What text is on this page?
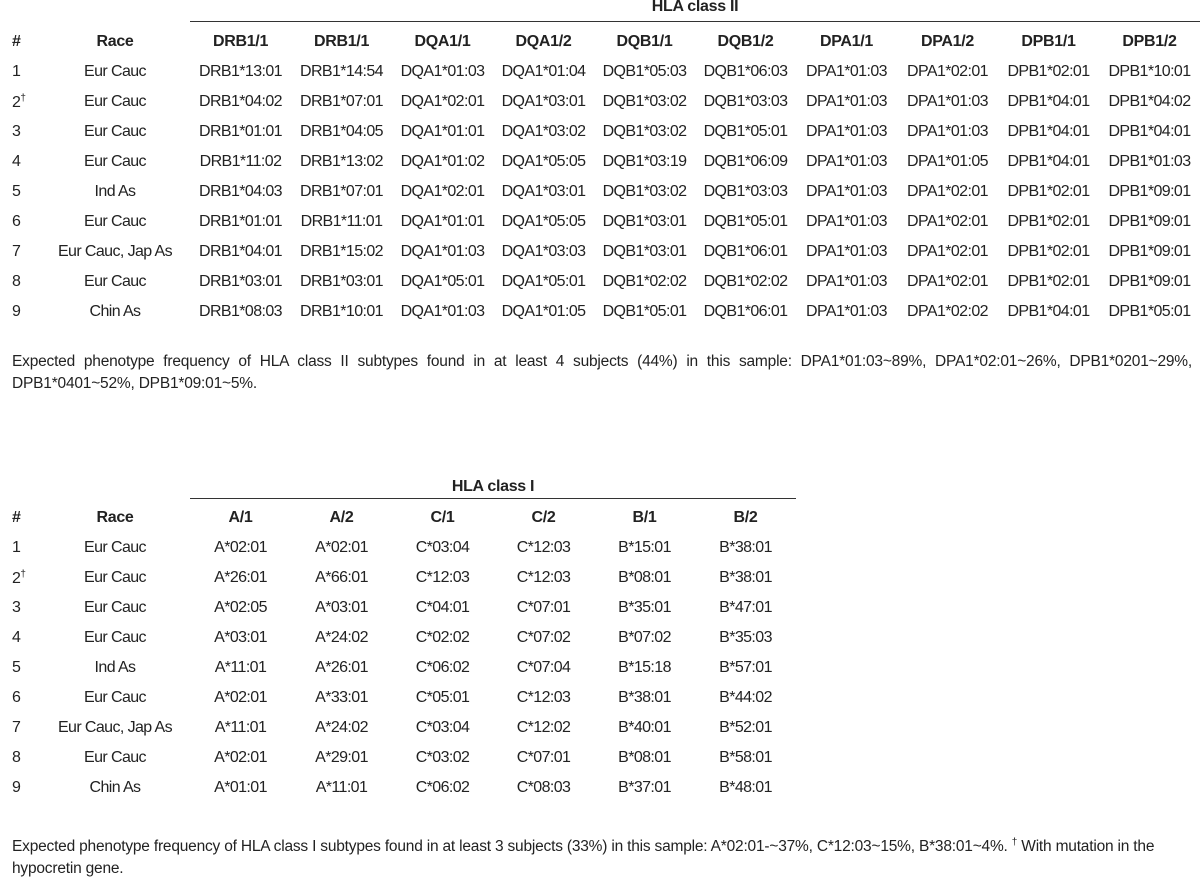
HLA class II
#	Race	DRB1/1	DRB1/1	DQA1/1	DQA1/2	DQB1/1	DQB1/2	DPA1/1	DPA1/2	DPB1/1	DPB1/2
1	Eur Cauc	DRB1*13:01	DRB1*14:54	DQA1*01:03	DQA1*01:04	DQB1*05:03	DQB1*06:03	DPA1*01:03	DPA1*02:01	DPB1*02:01	DPB1*10:01
2†	Eur Cauc	DRB1*04:02	DRB1*07:01	DQA1*02:01	DQA1*03:01	DQB1*03:02	DQB1*03:03	DPA1*01:03	DPA1*01:03	DPB1*04:01	DPB1*04:02
3	Eur Cauc	DRB1*01:01	DRB1*04:05	DQA1*01:01	DQA1*03:02	DQB1*03:02	DQB1*05:01	DPA1*01:03	DPA1*01:03	DPB1*04:01	DPB1*04:01
4	Eur Cauc	DRB1*11:02	DRB1*13:02	DQA1*01:02	DQA1*05:05	DQB1*03:19	DQB1*06:09	DPA1*01:03	DPA1*01:05	DPB1*04:01	DPB1*01:03
5	Ind As	DRB1*04:03	DRB1*07:01	DQA1*02:01	DQA1*03:01	DQB1*03:02	DQB1*03:03	DPA1*01:03	DPA1*02:01	DPB1*02:01	DPB1*09:01
6	Eur Cauc	DRB1*01:01	DRB1*11:01	DQA1*01:01	DQA1*05:05	DQB1*03:01	DQB1*05:01	DPA1*01:03	DPA1*02:01	DPB1*02:01	DPB1*09:01
7	Eur Cauc, Jap As	DRB1*04:01	DRB1*15:02	DQA1*01:03	DQA1*03:03	DQB1*03:01	DQB1*06:01	DPA1*01:03	DPA1*02:01	DPB1*02:01	DPB1*09:01
8	Eur Cauc	DRB1*03:01	DRB1*03:01	DQA1*05:01	DQA1*05:01	DQB1*02:02	DQB1*02:02	DPA1*01:03	DPA1*02:01	DPB1*02:01	DPB1*09:01
9	Chin As	DRB1*08:03	DRB1*10:01	DQA1*01:03	DQA1*01:05	DQB1*05:01	DQB1*06:01	DPA1*01:03	DPA1*02:02	DPB1*04:01	DPB1*05:01

Expected phenotype frequency of HLA class II subtypes found in at least 4 subjects (44%) in this sample: DPA1*01:03~89%, DPA1*02:01~26%, DPB1*0201~29%, DPB1*0401~52%, DPB1*09:01~5%.

HLA class I
#	Race	A/1	A/2	C/1	C/2	B/1	B/2
1	Eur Cauc	A*02:01	A*02:01	C*03:04	C*12:03	B*15:01	B*38:01
2†	Eur Cauc	A*26:01	A*66:01	C*12:03	C*12:03	B*08:01	B*38:01
3	Eur Cauc	A*02:05	A*03:01	C*04:01	C*07:01	B*35:01	B*47:01
4	Eur Cauc	A*03:01	A*24:02	C*02:02	C*07:02	B*07:02	B*35:03
5	Ind As	A*11:01	A*26:01	C*06:02	C*07:04	B*15:18	B*57:01
6	Eur Cauc	A*02:01	A*33:01	C*05:01	C*12:03	B*38:01	B*44:02
7	Eur Cauc, Jap As	A*11:01	A*24:02	C*03:04	C*12:02	B*40:01	B*52:01
8	Eur Cauc	A*02:01	A*29:01	C*03:02	C*07:01	B*08:01	B*58:01
9	Chin As	A*01:01	A*11:01	C*06:02	C*08:03	B*37:01	B*48:01

Expected phenotype frequency of HLA class I subtypes found in at least 3 subjects (33%) in this sample: A*02:01-~37%, C*12:03~15%, B*38:01~4%. † With mutation in the hypocretin gene.
